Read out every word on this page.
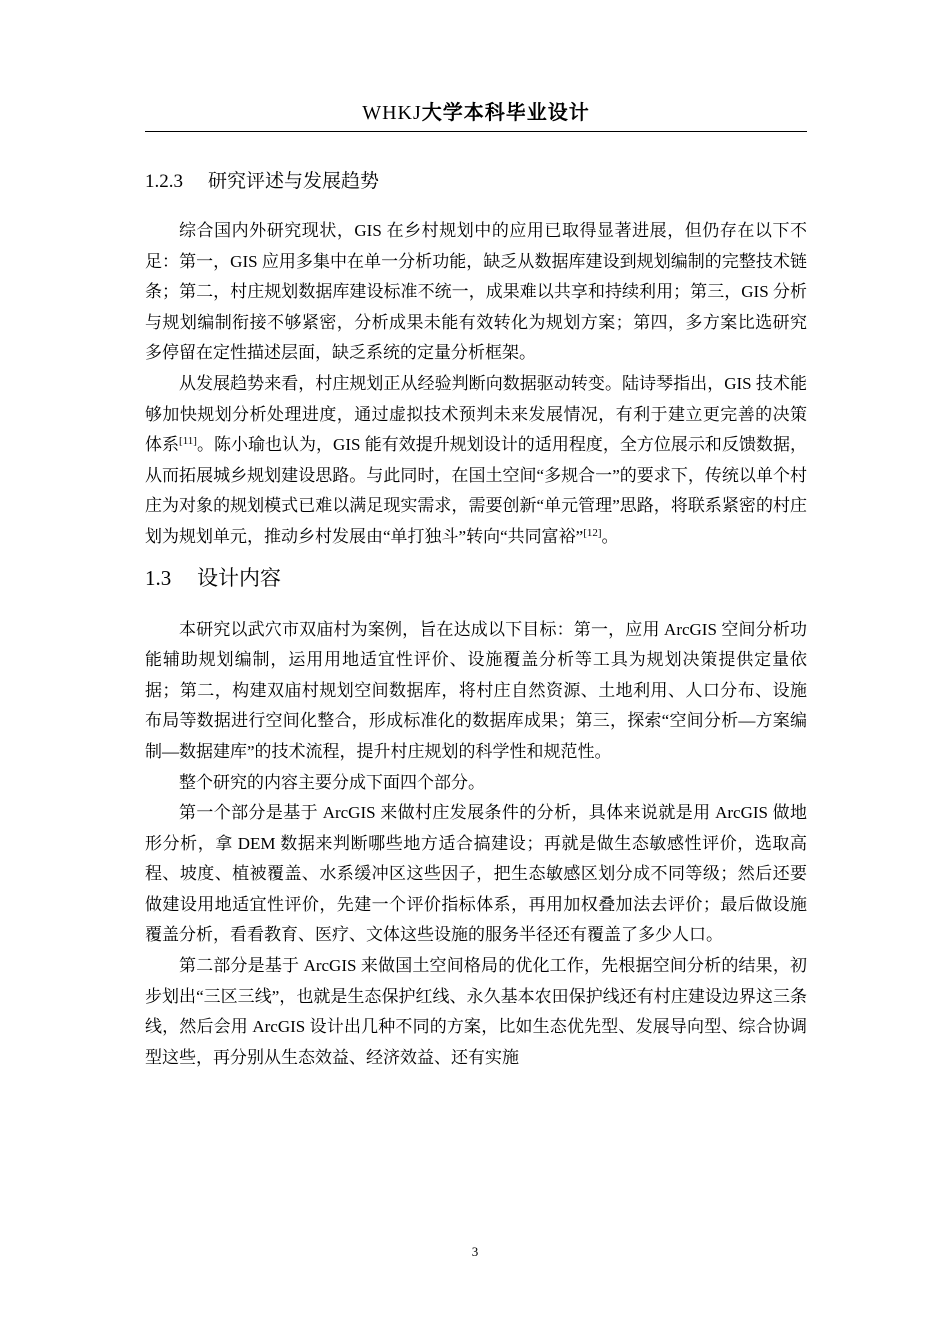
WHKJ大学本科毕业设计
1.2.3 研究评述与发展趋势

综合国内外研究现状，GIS 在乡村规划中的应用已取得显著进展，但仍存在以下不足：第一，GIS 应用多集中在单一分析功能，缺乏从数据库建设到规划编制的完整技术链条；第二，村庄规划数据库建设标准不统一，成果难以共享和持续利用；第三，GIS 分析与规划编制衔接不够紧密，分析成果未能有效转化为规划方案；第四，多方案比选研究多停留在定性描述层面，缺乏系统的定量分析框架。

从发展趋势来看，村庄规划正从经验判断向数据驱动转变。陆诗琴指出，GIS 技术能够加快规划分析处理进度，通过虚拟技术预判未来发展情况，有利于建立更完善的决策体系[11]。陈小瑜也认为，GIS 能有效提升规划设计的适用程度，全方位展示和反馈数据，从而拓展城乡规划建设思路。与此同时，在国土空间“多规合一”的要求下，传统以单个村庄为对象的规划模式已难以满足现实需求，需要创新“单元管理”思路，将联系紧密的村庄划为规划单元，推动乡村发展由“单打独斗”转向“共同富裕”[12]。

1.3 设计内容

本研究以武穴市双庙村为案例，旨在达成以下目标：第一，应用 ArcGIS 空间分析功能辅助规划编制，运用用地适宜性评价、设施覆盖分析等工具为规划决策提供定量依据；第二，构建双庙村规划空间数据库，将村庄自然资源、土地利用、人口分布、设施布局等数据进行空间化整合，形成标准化的数据库成果；第三，探索“空间分析—方案编制—数据建库”的技术流程，提升村庄规划的科学性和规范性。

整个研究的内容主要分成下面四个部分。

第一个部分是基于 ArcGIS 来做村庄发展条件的分析，具体来说就是用 ArcGIS 做地形分析，拿 DEM 数据来判断哪些地方适合搞建设；再就是做生态敏感性评价，选取高程、坡度、植被覆盖、水系缓冲区这些因子，把生态敏感区划分成不同等级；然后还要做建设用地适宜性评价，先建一个评价指标体系，再用加权叠加法去评价；最后做设施覆盖分析，看看教育、医疗、文体这些设施的服务半径还有覆盖了多少人口。

第二部分是基于 ArcGIS 来做国土空间格局的优化工作，先根据空间分析的结果，初步划出“三区三线”，也就是生态保护红线、永久基本农田保护线还有村庄建设边界这三条线，然后会用 ArcGIS 设计出几种不同的方案，比如生态优先型、发展导向型、综合协调型这些，再分别从生态效益、经济效益、还有实施

3
